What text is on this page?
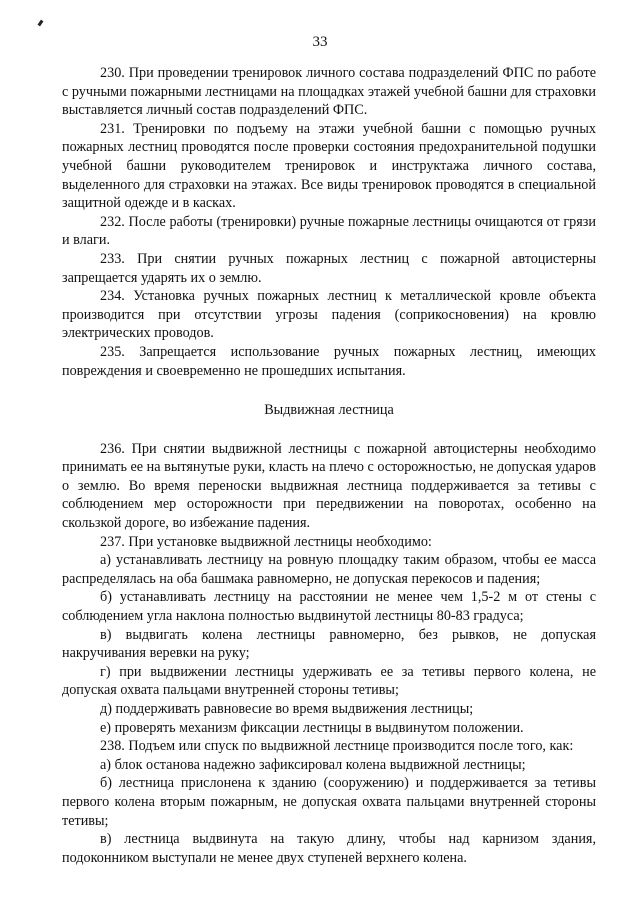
33

230. При проведении тренировок личного состава подразделений ФПС по работе с ручными пожарными лестницами на площадках этажей учебной башни для страховки выставляется личный состав подразделений ФПС.

231. Тренировки по подъему на этажи учебной башни с помощью ручных пожарных лестниц проводятся после проверки состояния предохранительной подушки учебной башни руководителем тренировок и инструктажа личного состава, выделенного для страховки на этажах. Все виды тренировок проводятся в специальной защитной одежде и в касках.

232. После работы (тренировки) ручные пожарные лестницы очищаются от грязи и влаги.

233. При снятии ручных пожарных лестниц с пожарной автоцистерны запрещается ударять их о землю.

234. Установка ручных пожарных лестниц к металлической кровле объекта производится при отсутствии угрозы падения (соприкосновения) на кровлю электрических проводов.

235. Запрещается использование ручных пожарных лестниц, имеющих повреждения и своевременно не прошедших испытания.

Выдвижная лестница

236. При снятии выдвижной лестницы с пожарной автоцистерны необходимо принимать ее на вытянутые руки, класть на плечо с осторожностью, не допуская ударов о землю. Во время переноски выдвижная лестница поддерживается за тетивы с соблюдением мер осторожности при передвижении на поворотах, особенно на скользкой дороге, во избежание падения.

237. При установке выдвижной лестницы необходимо:

а) устанавливать лестницу на ровную площадку таким образом, чтобы ее масса распределялась на оба башмака равномерно, не допуская перекосов и падения;

б) устанавливать лестницу на расстоянии не менее чем 1,5-2 м от стены с соблюдением угла наклона полностью выдвинутой лестницы 80-83 градуса;

в) выдвигать колена лестницы равномерно, без рывков, не допуская накручивания веревки на руку;

г) при выдвижении лестницы удерживать ее за тетивы первого колена, не допуская охвата пальцами внутренней стороны тетивы;

д) поддерживать равновесие во время выдвижения лестницы;

е) проверять механизм фиксации лестницы в выдвинутом положении.

238. Подъем или спуск по выдвижной лестнице производится после того, как:

а) блок останова надежно зафиксировал колена выдвижной лестницы;

б) лестница прислонена к зданию (сооружению) и поддерживается за тетивы первого колена вторым пожарным, не допуская охвата пальцами внутренней стороны тетивы;

в) лестница выдвинута на такую длину, чтобы над карнизом здания, подоконником выступали не менее двух ступеней верхнего колена.
